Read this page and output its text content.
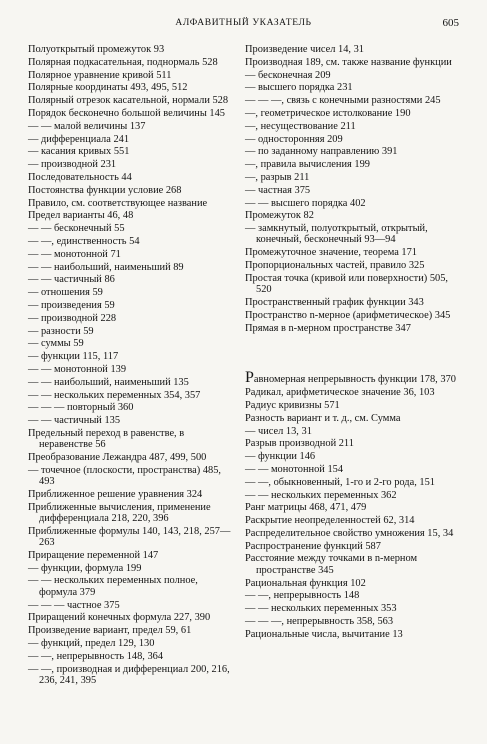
АЛФАВИТНЫЙ УКАЗАТЕЛЬ	605
Полуоткрытый промежуток 93
Полярная подкасательная, поднормаль 528
Полярное уравнение кривой 511
Полярные координаты 493, 495, 512
Полярный отрезок касательной, нормали 528
Порядок бесконечно большой величины 145
— — малой величины 137
— дифференциала 241
— касания кривых 551
— производной 231
Последовательность 44
Постоянства функции условие 268
Правило, см. соответствующее название
Предел варианты 46, 48
— — бесконечный 55
— —, единственность 54
— — монотонной 71
— — наибольший, наименьший 89
— — частичный 86
— отношения 59
— произведения 59
— производной 228
— разности 59
— суммы 59
— функции 115, 117
— — монотонной 139
— — наибольший, наименьший 135
— — нескольких переменных 354, 357
— — — повторный 360
— — частичный 135
Предельный переход в равенстве, в неравенстве 56
Преобразование Лежандра 487, 499, 500
— точечное (плоскости, пространства) 485, 493
Приближенное решение уравнения 324
Приближенные вычисления, применение дифференциала 218, 220, 396
Приближенные формулы 140, 143, 218, 257—263
Приращение переменной 147
— функции, формула 199
— — нескольких переменных полное, формула 379
— — — частное 375
Приращений конечных формула 227, 390
Произведение вариант, предел 59, 61
— функций, предел 129, 130
— —, непрерывность 148, 364
— —, производная и дифференциал 200, 216, 236, 241, 395
Произведение чисел 14, 31
Производная 189, см. также название функции
— бесконечная 209
— высшего порядка 231
— — —, связь с конечными разностями 245
—, геометрическое истолкование 190
—, несуществование 211
— односторонняя 209
— по заданному направлению 391
—, правила вычисления 199
—, разрыв 211
— частная 375
— — высшего порядка 402
Промежуток 82
— замкнутый, полуоткрытый, открытый, конечный, бесконечный 93—94
Промежуточное значение, теорема 171
Пропорциональных частей, правило 325
Простая точка (кривой или поверхности) 505, 520
Пространственный график функции 343
Пространство n-мерное (арифметическое) 345
Прямая в n-мерном пространстве 347
Равномерная непрерывность функции 178, 370
Радикал, арифметическое значение 36, 103
Радиус кривизны 571
Разность вариант и т. д., см. Сумма
— чисел 13, 31
Разрыв производной 211
— функции 146
— — монотонной 154
— —, обыкновенный, 1-го и 2-го рода, 151
— — нескольких переменных 362
Ранг матрицы 468, 471, 479
Раскрытие неопределенностей 62, 314
Распределительное свойство умножения 15, 34
Распространение функций 587
Расстояние между точками в n-мерном пространстве 345
Рациональная функция 102
— —, непрерывность 148
— — нескольких переменных 353
— — —, непрерывность 358, 563
Рациональные числа, вычитание 13
